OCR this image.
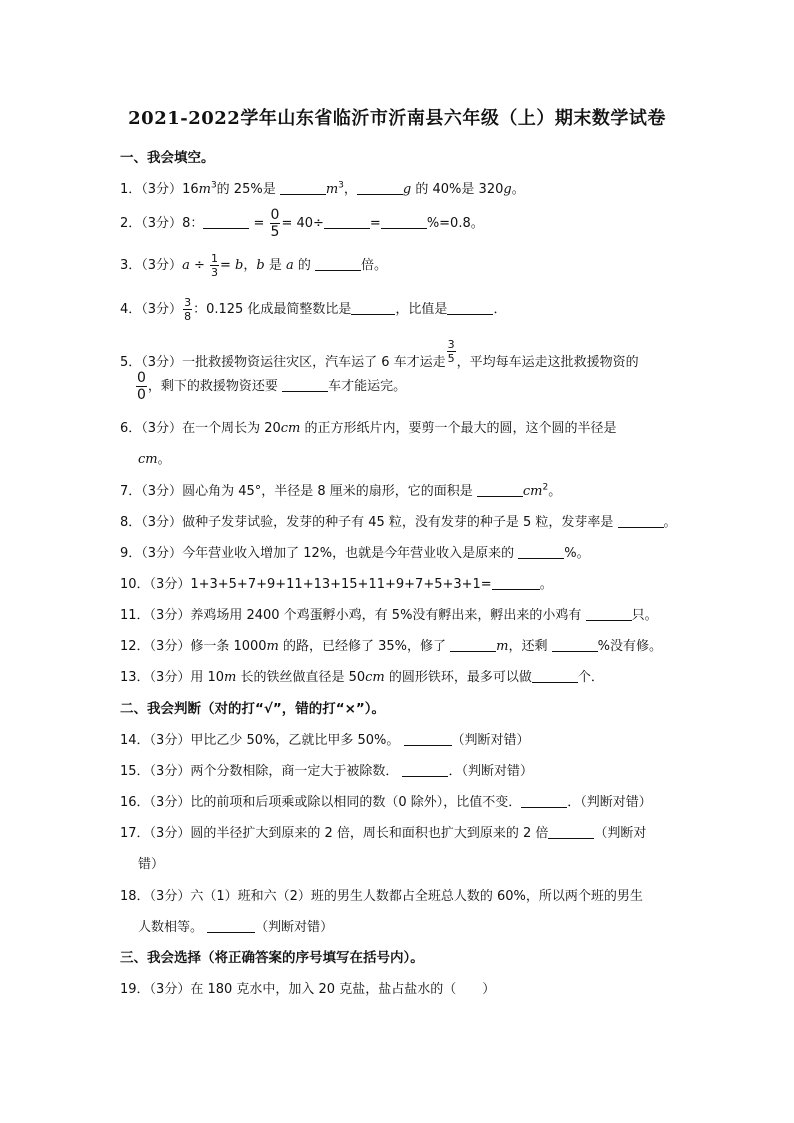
2021-2022学年山东省临沂市沂南县六年级（上）期末数学试卷
一、我会填空。
1．（3分）$16m^3$的 25%是	$m^3$，	g 的 40%是 320g。
2．（3分）8：	= $\frac{0}{5} = 40\div$	=	%=0.8。
3．（3分）$a \div \frac{1}{3} = b$，b 是 a 的	倍。
4．（3分） $\frac{3}{8}$ ：0.125 化成最简整数比是	，比值是	．
5．（3分）一批救援物资运往灾区，汽车运了 6 车才运走 $\frac{3}{5}$ ，平均每车运走这批救援物资的
$\frac{0}{0}$ ，剩下的救援物资还要	车才能运完。
6．（3分）在一个周长为 20cm 的正方形纸片内，要剪一个最大的圆，这个圆的半径是
cm。
7．（3分）圆心角为 45°，半径是 8 厘米的扇形，它的面积是	$cm^2$。
8．（3分）做种子发芽试验，发芽的种子有 45 粒，没有发芽的种子是 5 粒，发芽率是	。
9．（3分）今年营业收入增加了 12%，也就是今年营业收入是原来的	%。
10．（3分）1+3+5+7+9+11+13+15+11+9+7+5+3+1=	。
11．（3分）养鸡场用 2400 个鸡蛋孵小鸡，有 5%没有孵出来，孵出来的小鸡有	只。
12．（3分）修一条 1000m 的路，已经修了 35%，修了	m，还剩	%没有修。
13．（3分）用 10m 长的铁丝做直径是 50cm 的圆形铁环，最多可以做	个．
二、我会判断（对的打“√”，错的打“×”）。
14．（3分）甲比乙少 50%，乙就比甲多 50%。	（判断对错）
15．（3分）两个分数相除，商一定大于被除数．	．（判断对错）
16．（3分）比的前项和后项乘或除以相同的数（0 除外），比值不变．	．（判断对错）
17．（3分）圆的半径扩大到原来的 2 倍，周长和面积也扩大到原来的 2 倍	（判断对
错）
18．（3分）六（1）班和六（2）班的男生人数都占全班总人数的 60%，所以两个班的男生
人数相等。	（判断对错）
三、我会选择（将正确答案的序号填写在括号内）。
19．（3分）在 180 克水中，加入 20 克盐，盐占盐水的（　　）
